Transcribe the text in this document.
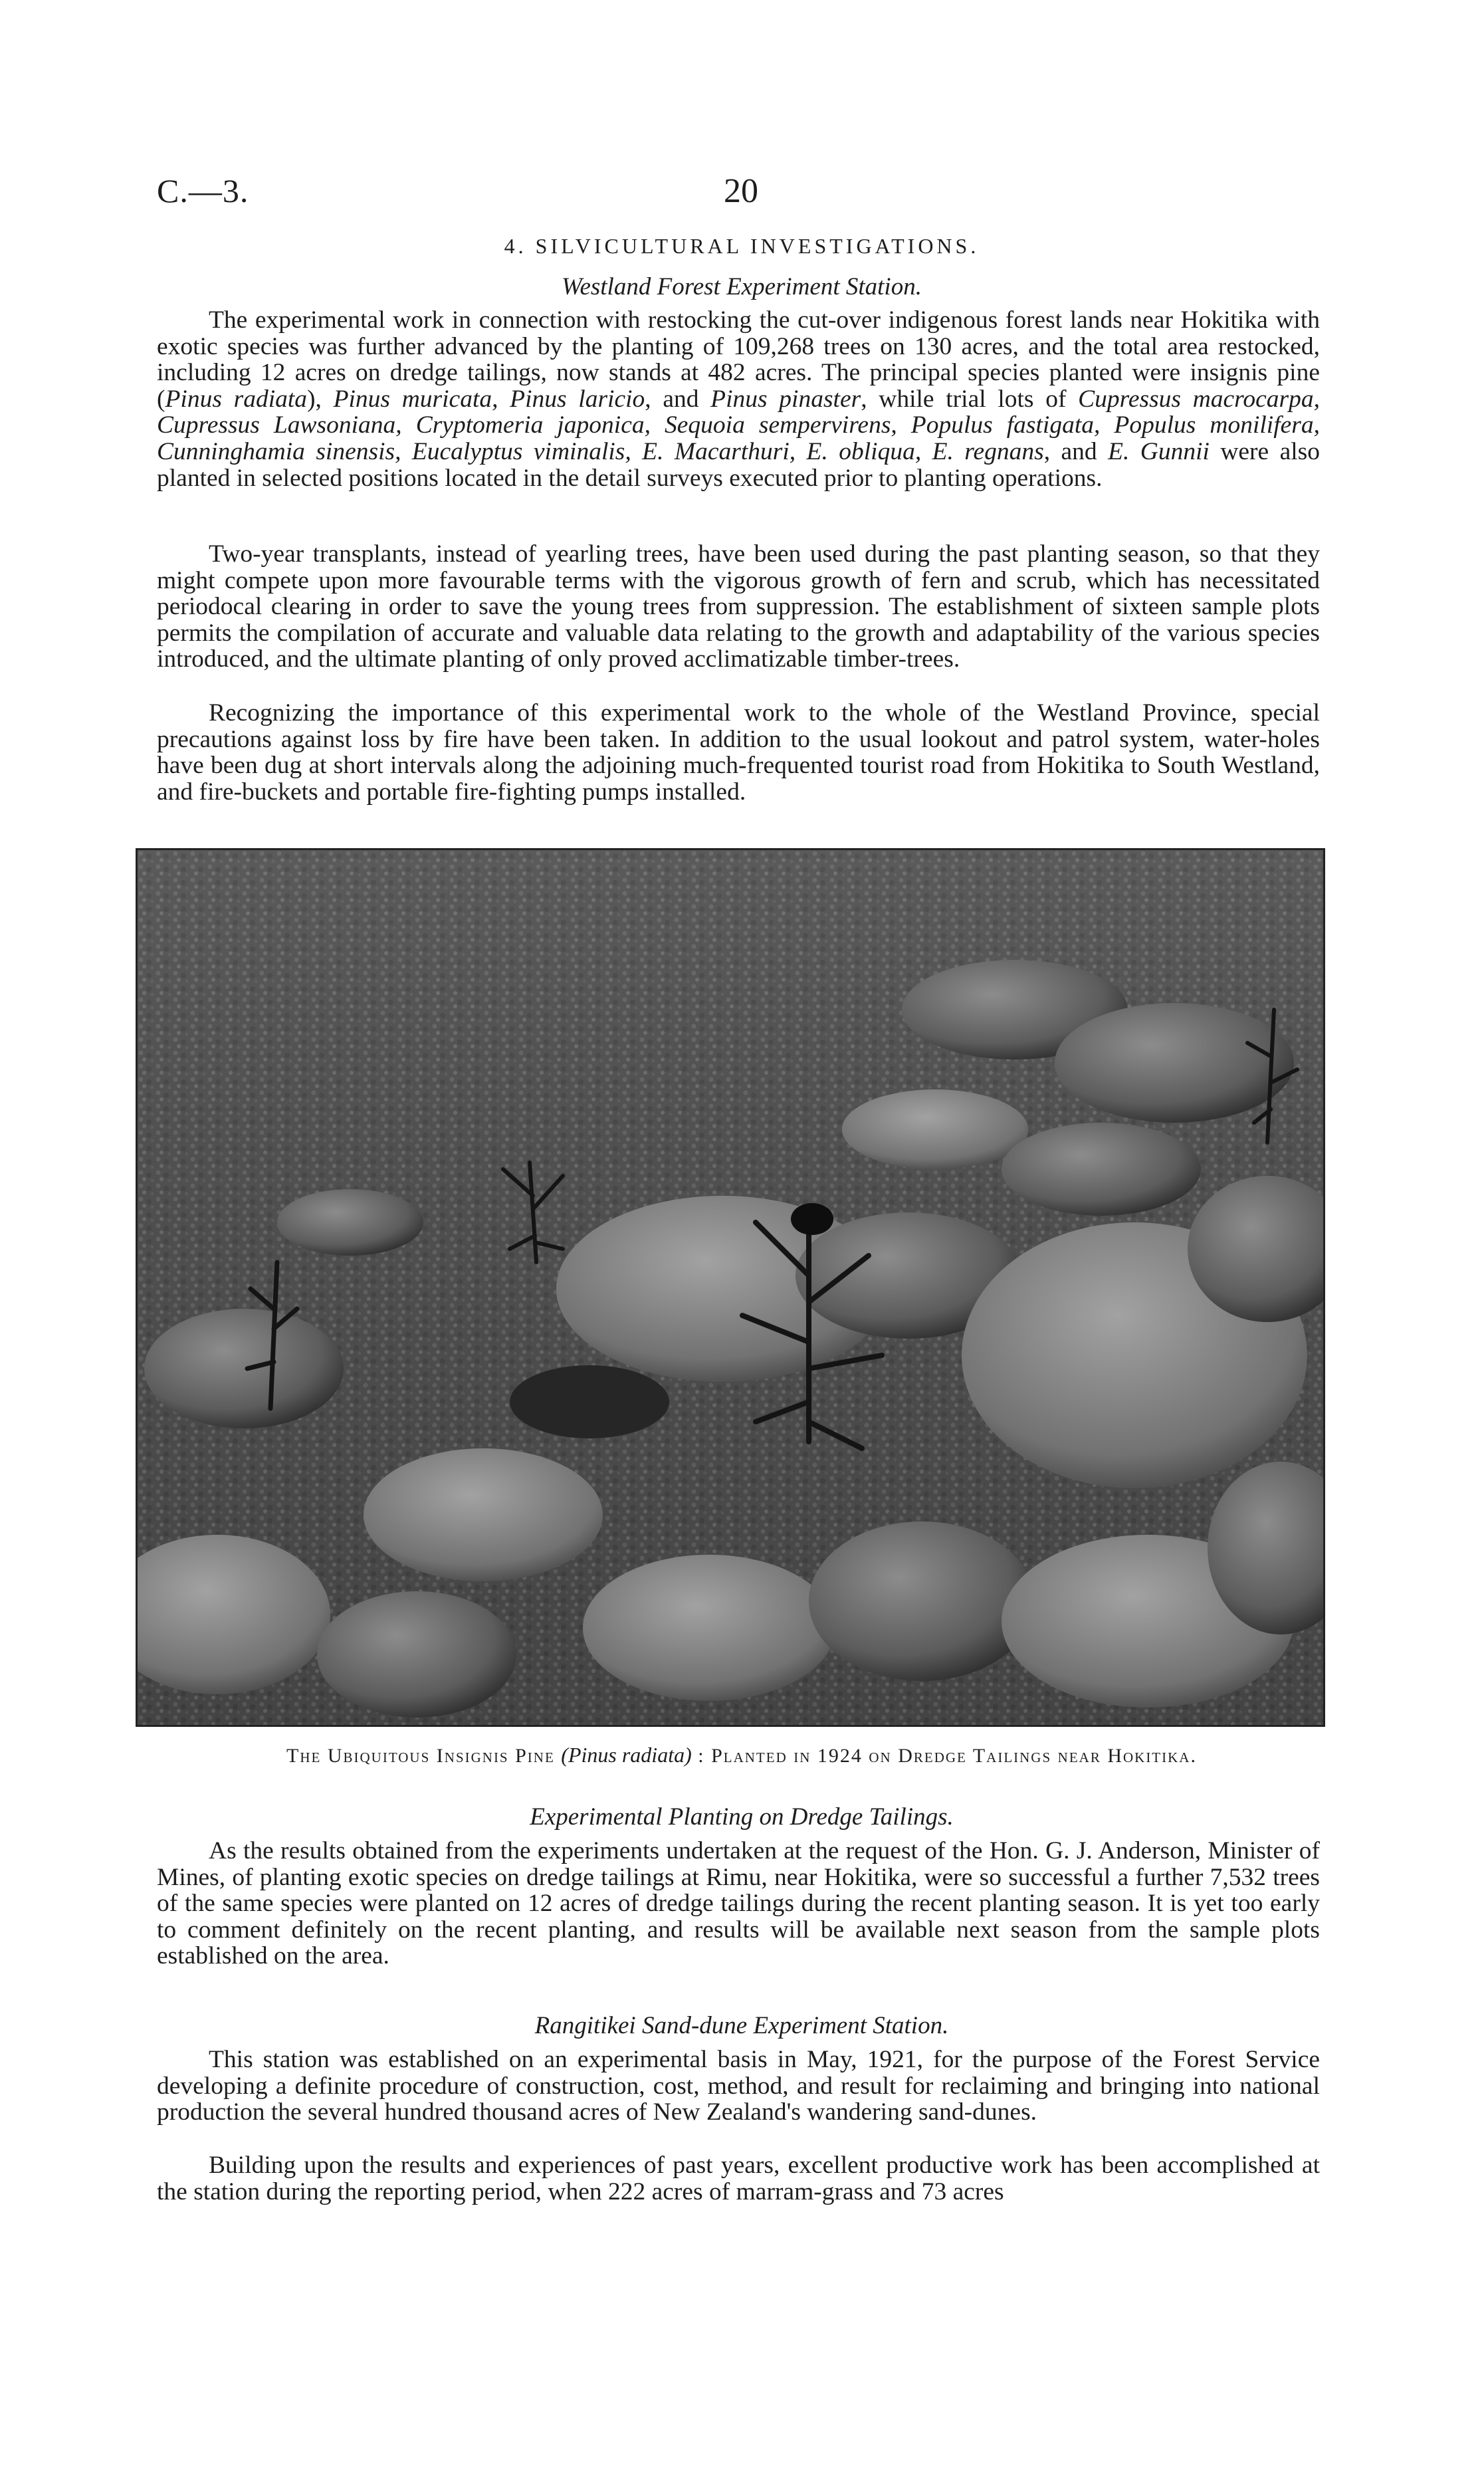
C.—3.	20
4. SILVICULTURAL INVESTIGATIONS.
Westland Forest Experiment Station.

The experimental work in connection with restocking the cut-over indigenous forest lands near Hokitika with exotic species was further advanced by the planting of 109,268 trees on 130 acres, and the total area restocked, including 12 acres on dredge tailings, now stands at 482 acres. The principal species planted were insignis pine (Pinus radiata), Pinus muricata, Pinus laricio, and Pinus pinaster, while trial lots of Cupressus macrocarpa, Cupressus Lawsoniana, Cryptomeria japonica, Sequoia sempervirens, Populus fastigata, Populus monilifera, Cunninghamia sinensis, Eucalyptus viminalis, E. Macarthuri, E. obliqua, E. regnans, and E. Gunnii were also planted in selected positions located in the detail surveys executed prior to planting operations.

Two-year transplants, instead of yearling trees, have been used during the past planting season, so that they might compete upon more favourable terms with the vigorous growth of fern and scrub, which has necessitated periodocal clearing in order to save the young trees from suppression. The establishment of sixteen sample plots permits the compilation of accurate and valuable data relating to the growth and adaptability of the various species introduced, and the ultimate planting of only proved acclimatizable timber-trees.

Recognizing the importance of this experimental work to the whole of the Westland Province, special precautions against loss by fire have been taken. In addition to the usual lookout and patrol system, water-holes have been dug at short intervals along the adjoining much-frequented tourist road from Hokitika to South Westland, and fire-buckets and portable fire-fighting pumps installed.

The Ubiquitous Insignis Pine (Pinus radiata) : Planted in 1924 on Dredge Tailings near Hokitika.
Experimental Planting on Dredge Tailings.

As the results obtained from the experiments undertaken at the request of the Hon. G. J. Anderson, Minister of Mines, of planting exotic species on dredge tailings at Rimu, near Hokitika, were so successful a further 7,532 trees of the same species were planted on 12 acres of dredge tailings during the recent planting season. It is yet too early to comment definitely on the recent planting, and results will be available next season from the sample plots established on the area.

Rangitikei Sand-dune Experiment Station.

This station was established on an experimental basis in May, 1921, for the purpose of the Forest Service developing a definite procedure of construction, cost, method, and result for reclaiming and bringing into national production the several hundred thousand acres of New Zealand's wandering sand-dunes.

Building upon the results and experiences of past years, excellent productive work has been accomplished at the station during the reporting period, when 222 acres of marram-grass and 73 acres
